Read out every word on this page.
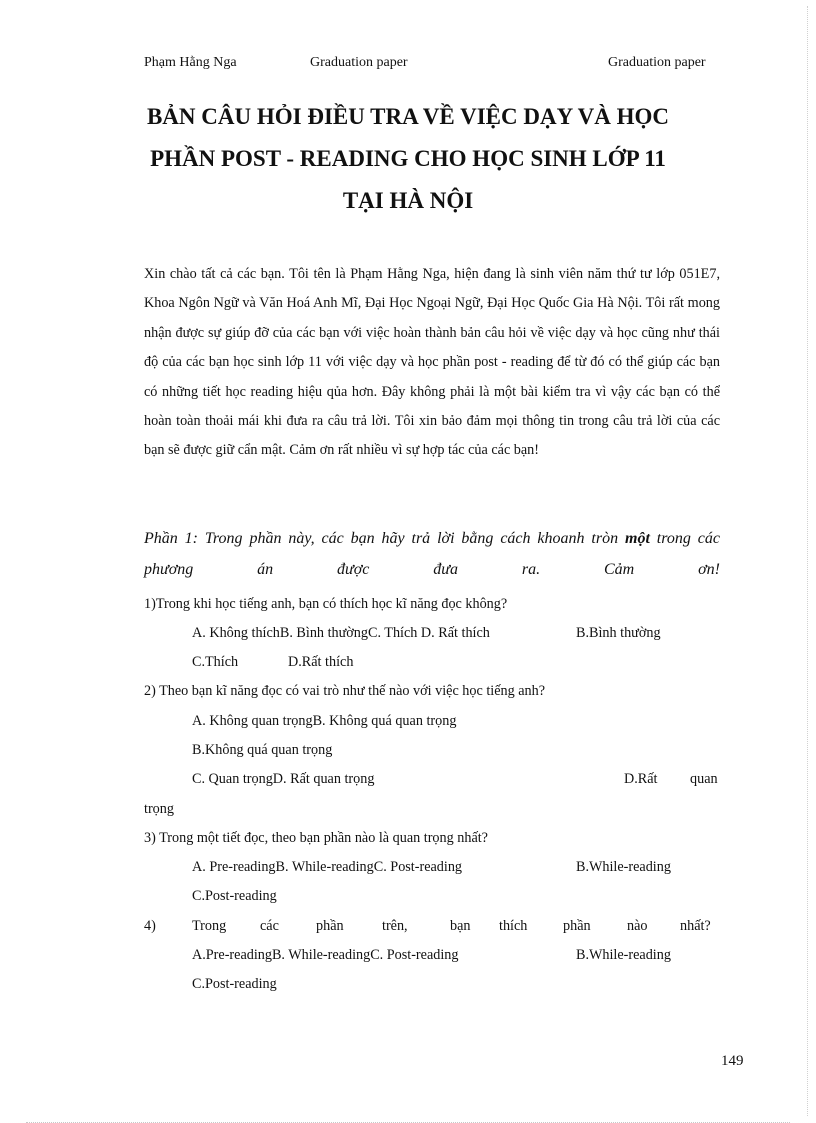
Phạm Hằng Nga	Graduation paper	Graduation paper
BẢN CÂU HỎI ĐIỀU TRA VỀ VIỆC DẠY VÀ HỌC
PHẦN POST - READING CHO HỌC SINH LỚP 11
TẠI HÀ NỘI
Xin chào tất cả các bạn. Tôi tên là Phạm Hằng Nga, hiện đang là sinh viên năm thứ tư lớp 051E7, Khoa Ngôn Ngữ và Văn Hoá Anh Mĩ, Đại Học Ngoại Ngữ, Đại Học Quốc Gia Hà Nội. Tôi rất mong nhận được sự giúp đỡ của các bạn với việc hoàn thành bản câu hỏi về việc dạy và học cũng như thái độ của các bạn học sinh lớp 11 với việc dạy và học phần post - reading để từ đó có thể giúp các bạn có những tiết học reading hiệu qủa hơn. Đây không phải là một bài kiểm tra vì vậy các bạn có thể hoàn toàn thoải mái khi đưa ra câu trả lời. Tôi xin bảo đảm mọi thông tin trong câu trả lời của các bạn sẽ được giữ cẩn mật. Cảm ơn rất nhiều vì sự hợp tác của các bạn!
Phần 1: Trong phần này, các bạn hãy trả lời bằng cách khoanh tròn một trong các phương án được đưa ra. Cảm ơn!
1)Trong khi học tiếng anh, bạn có thích học kĩ năng đọc không?
A. Không thíchB. Bình thườngC. Thích D. Rất thích	B.Bình thường
C.Thích	D.Rất thích
2) Theo bạn kĩ năng đọc có vai trò như thế nào với việc học tiếng anh?
A. Không quan trọngB. Không quá quan trọng
B.Không quá quan trọng
C. Quan trọngD. Rất quan trọng	D.Rất quan
trọng
3) Trong một tiết đọc, theo bạn phần nào là quan trọng nhất?
A. Pre-readingB. While-readingC. Post-reading	B.While-reading
C.Post-reading
4)	Trong các	phần	trên,	bạn thích	phần	nào nhất?
A.Pre-readingB. While-readingC. Post-reading	B.While-reading
C.Post-reading
149
